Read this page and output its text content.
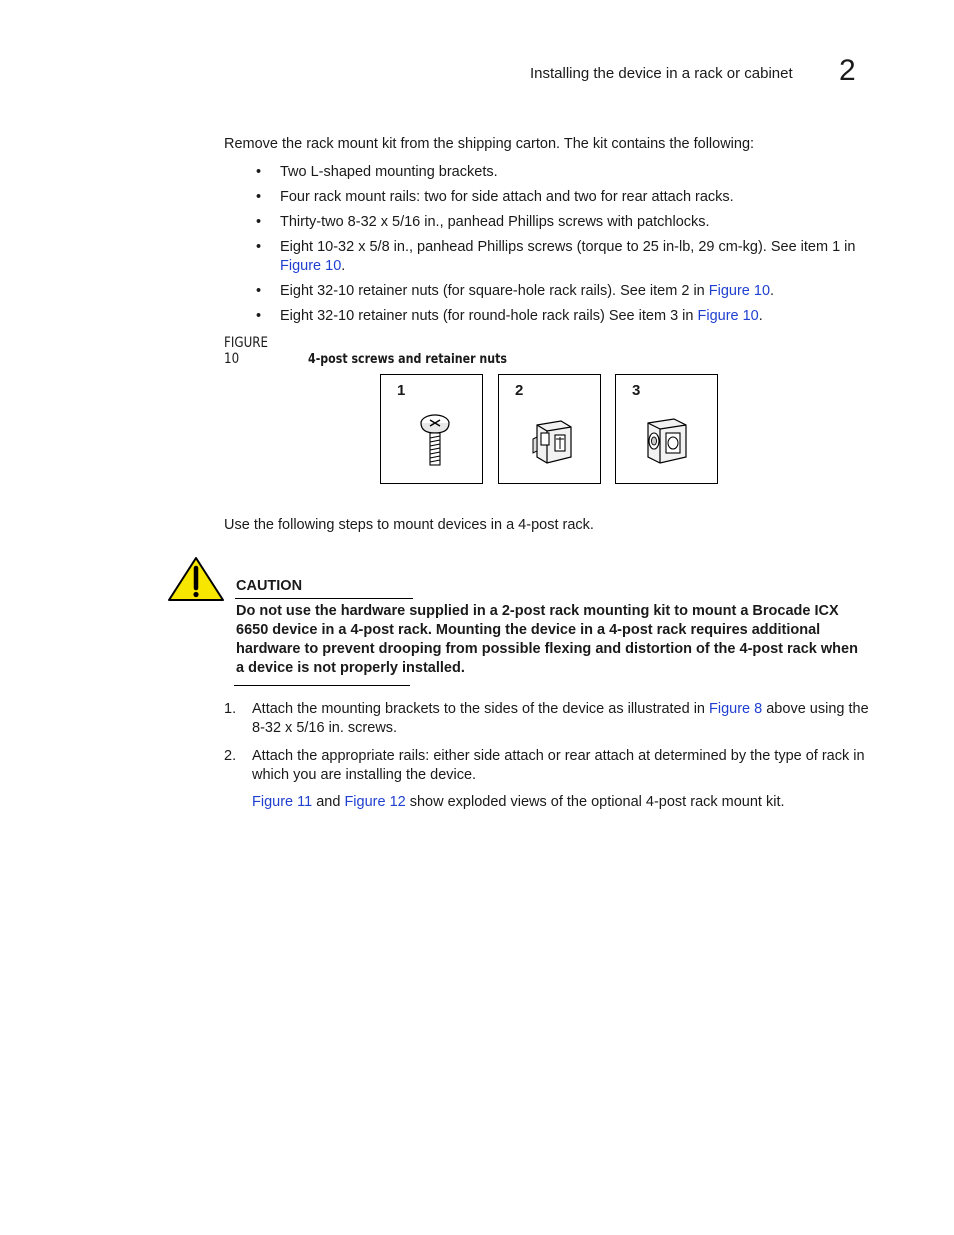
Installing the device in a rack or cabinet 2
Remove the rack mount kit from the shipping carton. The kit contains the following:
• Two L-shaped mounting brackets.
• Four rack mount rails: two for side attach and two for rear attach racks.
• Thirty-two 8-32 x 5/16 in., panhead Phillips screws with patchlocks.
• Eight 10-32 x 5/8 in., panhead Phillips screws (torque to 25 in-lb, 29 cm-kg). See item 1 in Figure 10.
• Eight 32-10 retainer nuts (for square-hole rack rails). See item 2 in Figure 10.
• Eight 32-10 retainer nuts (for round-hole rack rails) See item 3 in Figure 10.
FIGURE 10	4-post screws and retainer nuts
1	2	3
Use the following steps to mount devices in a 4-post rack.
CAUTION
Do not use the hardware supplied in a 2-post rack mounting kit to mount a Brocade ICX 6650 device in a 4-post rack. Mounting the device in a 4-post rack requires additional hardware to prevent drooping from possible flexing and distortion of the 4-post rack when a device is not properly installed.
1. Attach the mounting brackets to the sides of the device as illustrated in Figure 8 above using the 8-32 x 5/16 in. screws.
2. Attach the appropriate rails: either side attach or rear attach at determined by the type of rack in which you are installing the device.
Figure 11 and Figure 12 show exploded views of the optional 4-post rack mount kit.
